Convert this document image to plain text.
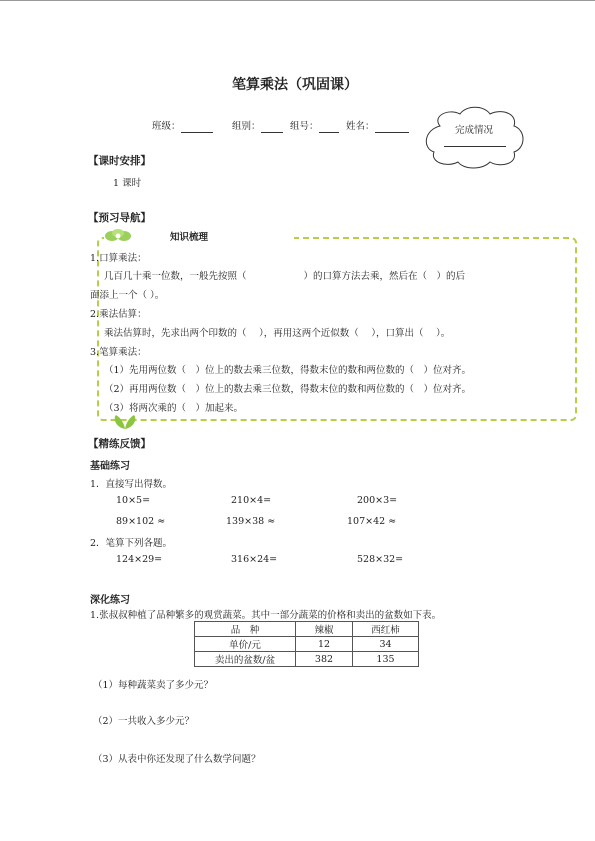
笔算乘法（巩固课）
班级：	组别：	组号：	姓名：	完成情况
【课时安排】
1 课时
【预习导航】
知识梳理
1.口算乘法：
几百几十乘一位数，一般先按照（　　　　　　）的口算方法去乘，然后在（　）的后
面添上一个（ ）。
2.乘法估算：
乘法估算时，先求出两个印数的（　 ），再用这两个近似数（　 ），口算出（　 ）。
3.笔算乘法：
（1）先用两位数（　）位上的数去乘三位数，得数末位的数和两位数的（　）位对齐。
（2）再用两位数（　）位上的数去乘三位数，得数末位的数和两位数的（　）位对齐。
（3）将两次乘的（　）加起来。
【精练反馈】
基础练习
1．直接写出得数。
10×5=	210×4=	200×3=
89×102 ≈	139×38 ≈	107×42 ≈
2．笔算下列各题。
124×29=	316×24=	528×32=
深化练习
1.张叔叔种植了品种繁多的观赏蔬菜。其中一部分蔬菜的价格和卖出的盆数如下表。
品　种	辣椒	西红柿
单价/元	12	34
卖出的盆数/盆	382	135
（1）每种蔬菜卖了多少元？
（2）一共收入多少元？
（3）从表中你还发现了什么数学问题？
